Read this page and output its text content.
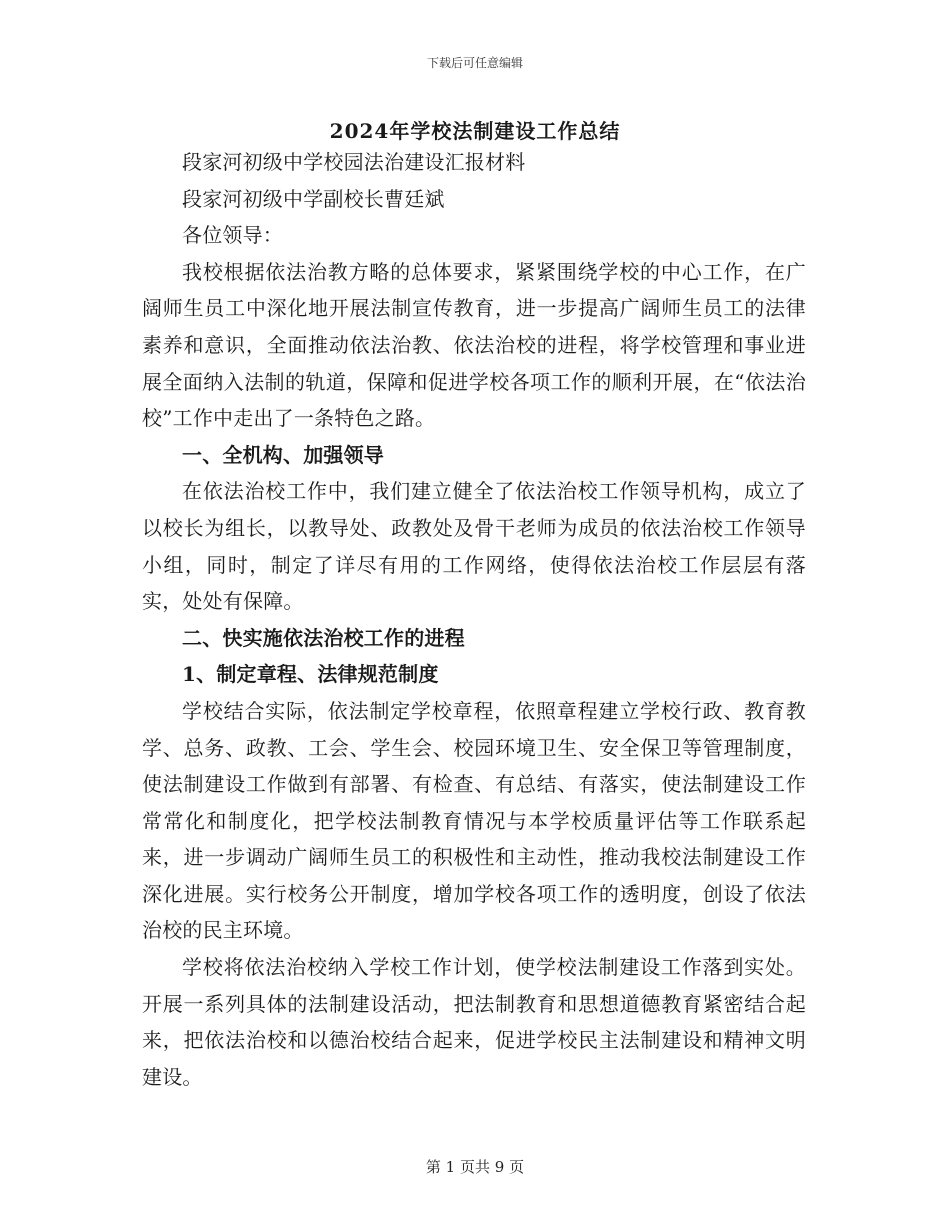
下载后可任意编辑
2024年学校法制建设工作总结

段家河初级中学校园法治建设汇报材料

段家河初级中学副校长曹廷斌

各位领导：

我校根据依法治教方略的总体要求，紧紧围绕学校的中心工作，在广阔师生员工中深化地开展法制宣传教育，进一步提高广阔师生员工的法律素养和意识，全面推动依法治教、依法治校的进程，将学校管理和事业进展全面纳入法制的轨道，保障和促进学校各项工作的顺利开展，在“依法治校”工作中走出了一条特色之路。

一、全机构、加强领导

在依法治校工作中，我们建立健全了依法治校工作领导机构，成立了以校长为组长，以教导处、政教处及骨干老师为成员的依法治校工作领导小组，同时，制定了详尽有用的工作网络，使得依法治校工作层层有落实，处处有保障。

二、快实施依法治校工作的进程

1、制定章程、法律规范制度

学校结合实际，依法制定学校章程，依照章程建立学校行政、教育教学、总务、政教、工会、学生会、校园环境卫生、安全保卫等管理制度，使法制建设工作做到有部署、有检查、有总结、有落实，使法制建设工作常常化和制度化，把学校法制教育情况与本学校质量评估等工作联系起来，进一步调动广阔师生员工的积极性和主动性，推动我校法制建设工作深化进展。实行校务公开制度，增加学校各项工作的透明度，创设了依法治校的民主环境。

学校将依法治校纳入学校工作计划，使学校法制建设工作落到实处。开展一系列具体的法制建设活动，把法制教育和思想道德教育紧密结合起来，把依法治校和以德治校结合起来，促进学校民主法制建设和精神文明建设。

第 1 页共 9 页
